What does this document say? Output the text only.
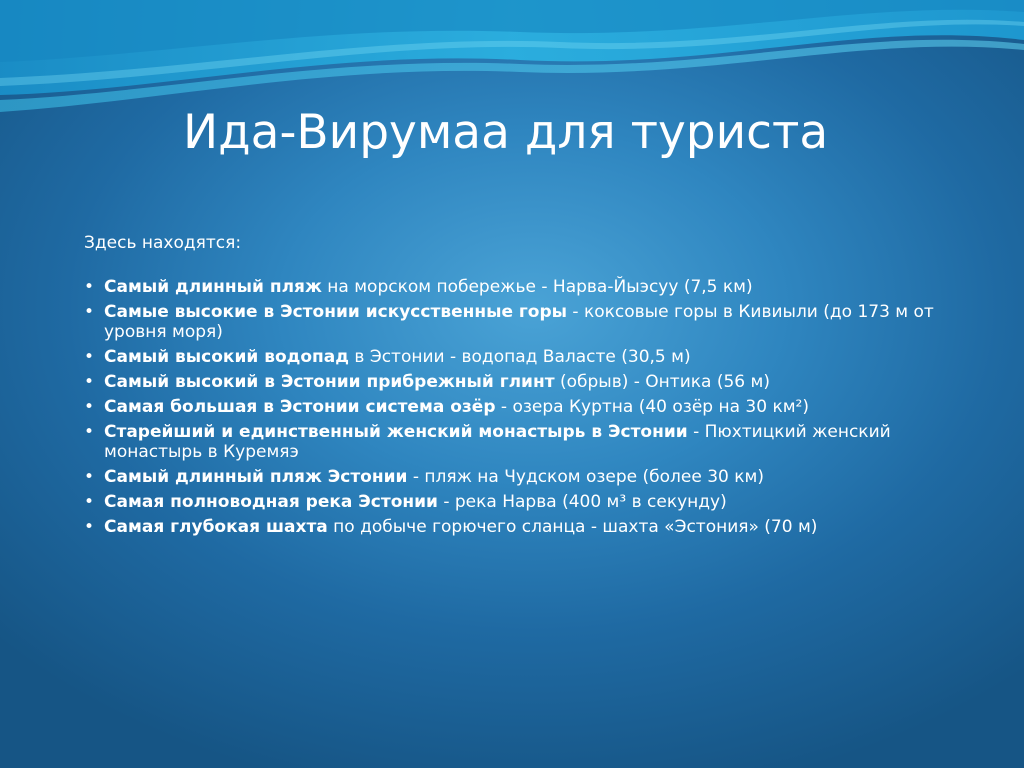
Ида-Вирумаа для туриста
Здесь находятся:
• Самый длинный пляж на морском побережье - Нарва-Йыэсуу (7,5 км)
• Самые высокие в Эстонии искусственные горы - коксовые горы в Кивиыли (до 173 м от уровня моря)
• Самый высокий водопад в Эстонии - водопад Валасте (30,5 м)
• Самый высокий в Эстонии прибрежный глинт (обрыв) - Онтика (56 м)
• Самая большая в Эстонии система озёр - озера Куртна (40 озёр на 30 км²)
• Старейший и единственный женский монастырь в Эстонии - Пюхтицкий женский монастырь в Куремяэ
• Самый длинный пляж Эстонии - пляж на Чудском озере (более 30 км)
• Самая полноводная река Эстонии - река Нарва (400 м³ в секунду)
• Самая глубокая шахта по добыче горючего сланца - шахта «Эстония» (70 м)
